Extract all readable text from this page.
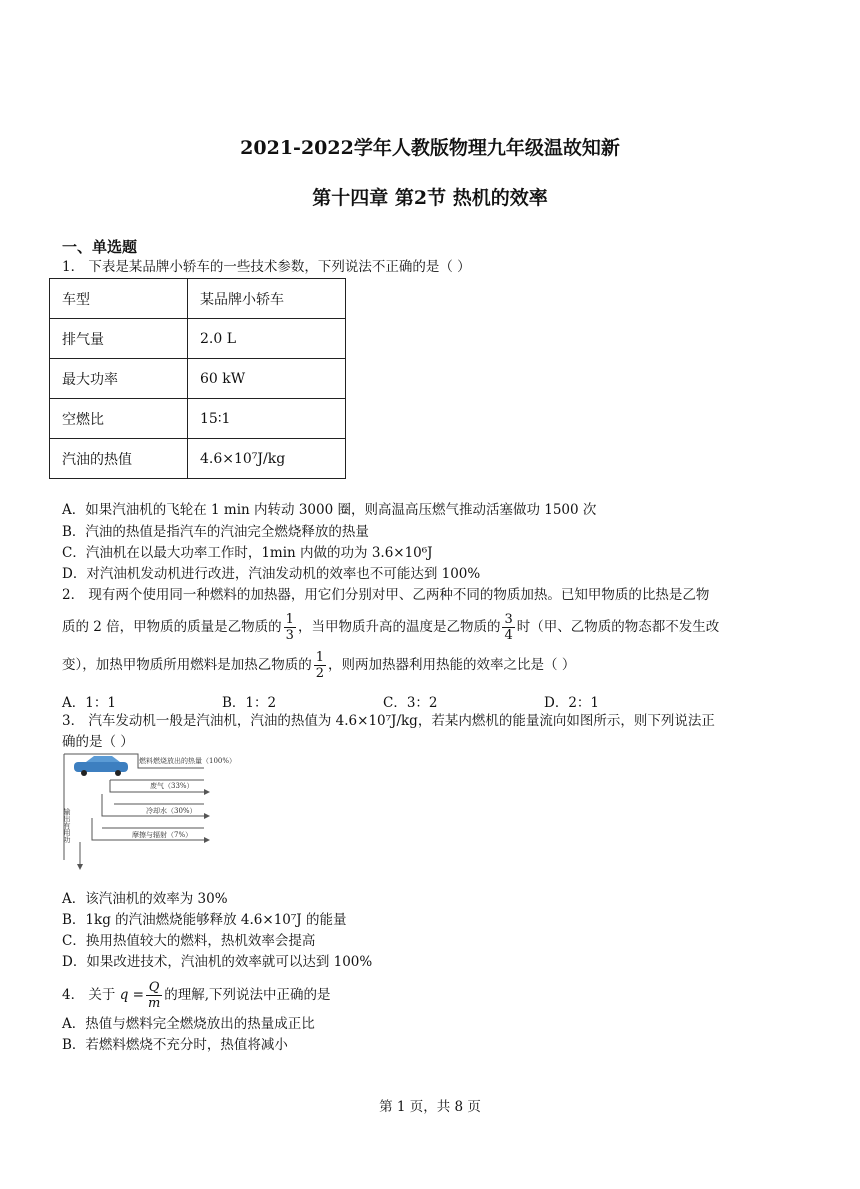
2021-2022学年人教版物理九年级温故知新
第十四章 第2节 热机的效率
一、单选题
1． 下表是某品牌小轿车的一些技术参数，下列说法不正确的是（ ）
车型	某品牌小轿车
排气量	2.0 L
最大功率	60 kW
空燃比	15∶1
汽油的热值	4.6×10⁷J/kg
A．如果汽油机的飞轮在 1 min 内转动 3000 圈，则高温高压燃气推动活塞做功 1500 次
B．汽油的热值是指汽车的汽油完全燃烧释放的热量
C．汽油机在以最大功率工作时，1min 内做的功为 3.6×10⁶J
D．对汽油机发动机进行改进，汽油发动机的效率也不可能达到 100%
2． 现有两个使用同一种燃料的加热器，用它们分别对甲、乙两种不同的物质加热。已知甲物质的比热是乙物
质的 2 倍，甲物质的质量是乙物质的 $\frac{1}{3}$ ，当甲物质升高的温度是乙物质的 $\frac{3}{4}$ 时（甲、乙物质的物态都不发生改
变），加热甲物质所用燃料是加热乙物质的 $\frac{1}{2}$ ，则两加热器利用热能的效率之比是（ ）
A．1：1	B．1：2	C．3：2	D．2：1
3． 汽车发动机一般是汽油机，汽油的热值为 4.6×10⁷J/kg，若某内燃机的能量流向如图所示，则下列说法正
确的是（ ）
燃料燃烧放出的热量（100%）
废气（33%）
冷却水（30%）
摩擦与辐射（7%）
输出有用功
A．该汽油机的效率为 30%
B．1kg 的汽油燃烧能够释放 4.6×10⁷J 的能量
C．换用热值较大的燃料，热机效率会提高
D．如果改进技术，汽油机的效率就可以达到 100%
4． 关于 $q = \frac{Q}{m}$ 的理解,下列说法中正确的是
A．热值与燃料完全燃烧放出的热量成正比
B．若燃料燃烧不充分时，热值将减小
第 1 页，共 8 页
